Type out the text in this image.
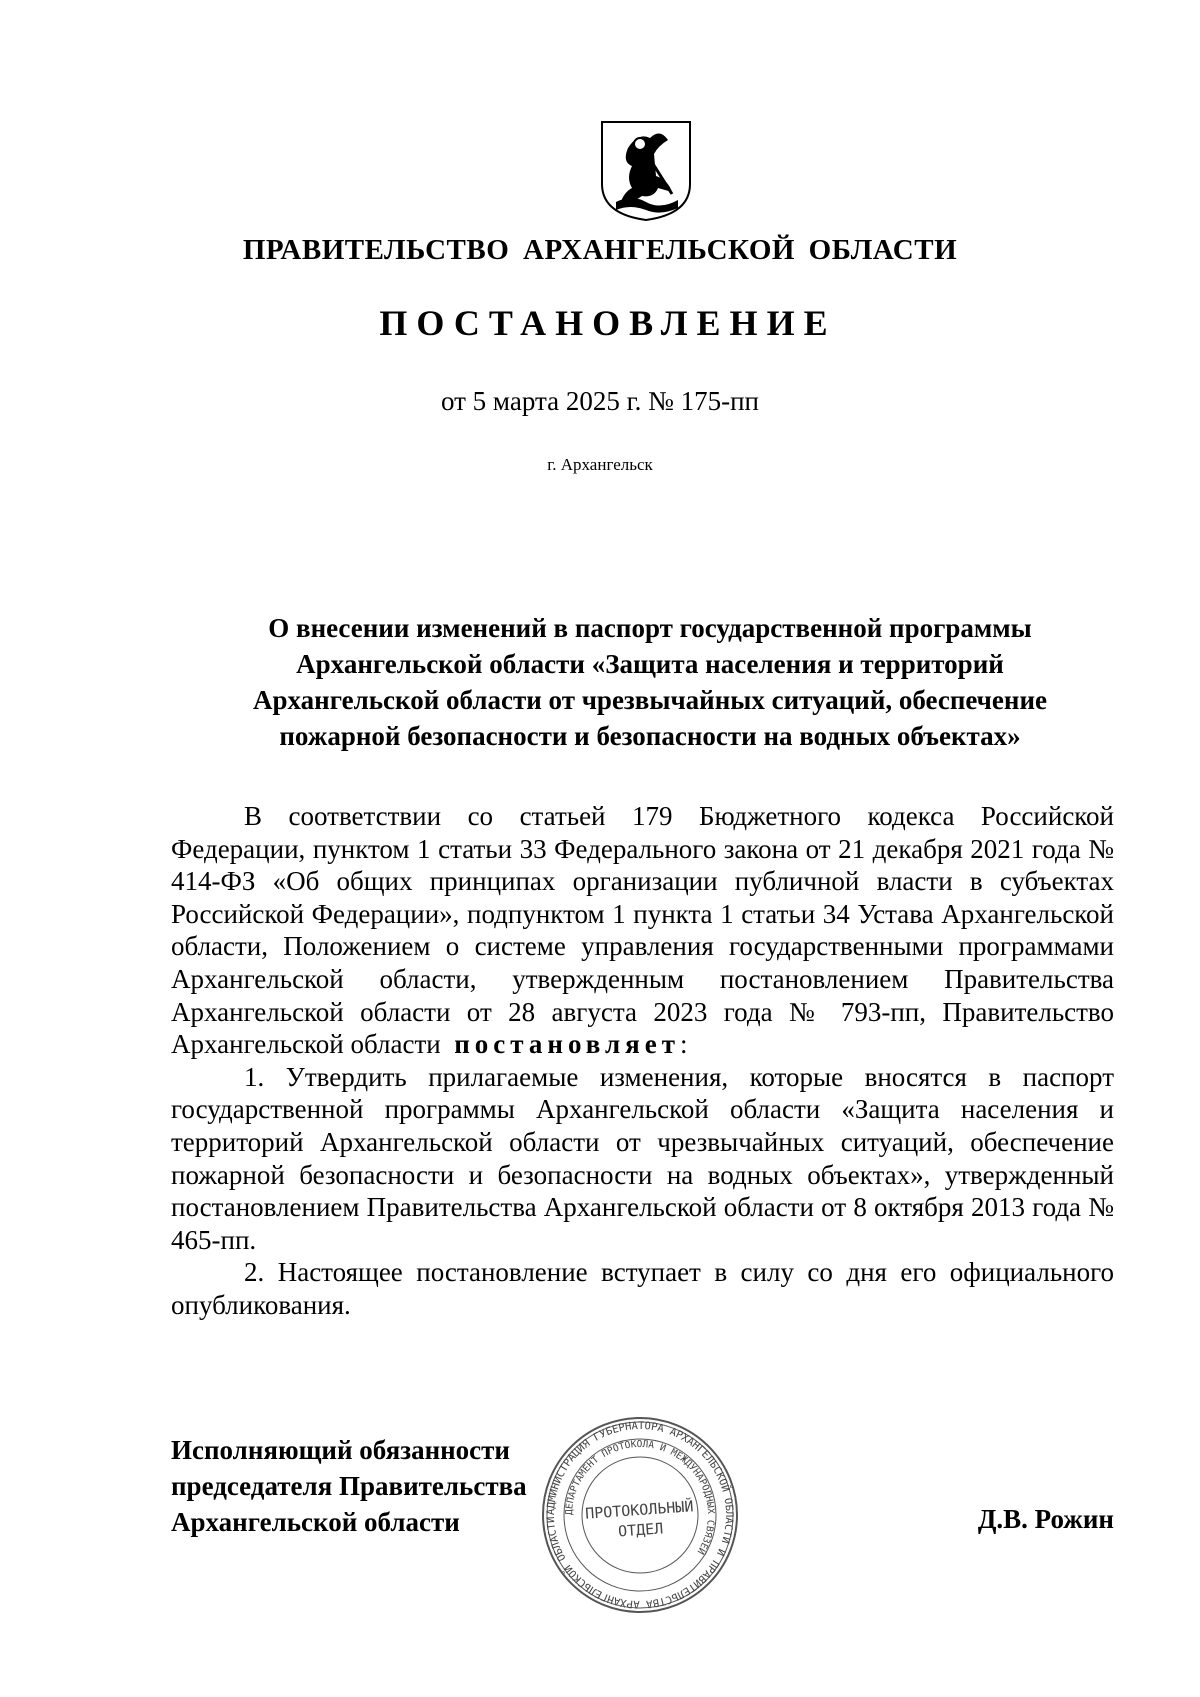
ПРАВИТЕЛЬСТВО АРХАНГЕЛЬСКОЙ ОБЛАСТИ
ПОСТАНОВЛЕНИЕ
от 5 марта 2025 г. № 175-пп
г. Архангельск
О внесении изменений в паспорт государственной программы
Архангельской области «Защита населения и территорий
Архангельской области от чрезвычайных ситуаций, обеспечение
пожарной безопасности и безопасности на водных объектах»

В соответствии со статьей 179 Бюджетного кодекса Российской Федерации, пунктом 1 статьи 33 Федерального закона от 21 декабря 2021 года № 414-ФЗ «Об общих принципах организации публичной власти в субъектах Российской Федерации», подпунктом 1 пункта 1 статьи 34 Устава Архангельской области, Положением о системе управления государственными программами Архангельской области, утвержденным постановлением Правительства Архангельской области от 28 августа 2023 года № 793-пп, Правительство Архангельской области постановляет:

1. Утвердить прилагаемые изменения, которые вносятся в паспорт государственной программы Архангельской области «Защита населения и территорий Архангельской области от чрезвычайных ситуаций, обеспечение пожарной безопасности и безопасности на водных объектах», утвержденный постановлением Правительства Архангельской области от 8 октября 2013 года № 465-пп.

2. Настоящее постановление вступает в силу со дня его официального опубликования.

Исполняющий обязанности
председателя Правительства
Архангельской области	АДМИНИСТРАЦИЯ ГУБЕРНАТОРА АРХАНГЕЛЬСКОЙ ОБЛАСТИ И ПРАВИТЕЛЬСТВА АРХАНГЕЛЬСКОЙ ОБЛАСТИ
ДЕПАРТАМЕНТ ПРОТОКОЛА И МЕЖДУНАРОДНЫХ СВЯЗЕЙ
ПРОТОКОЛЬНЫЙ
ОТДЕЛ	Д.В. Рожин
